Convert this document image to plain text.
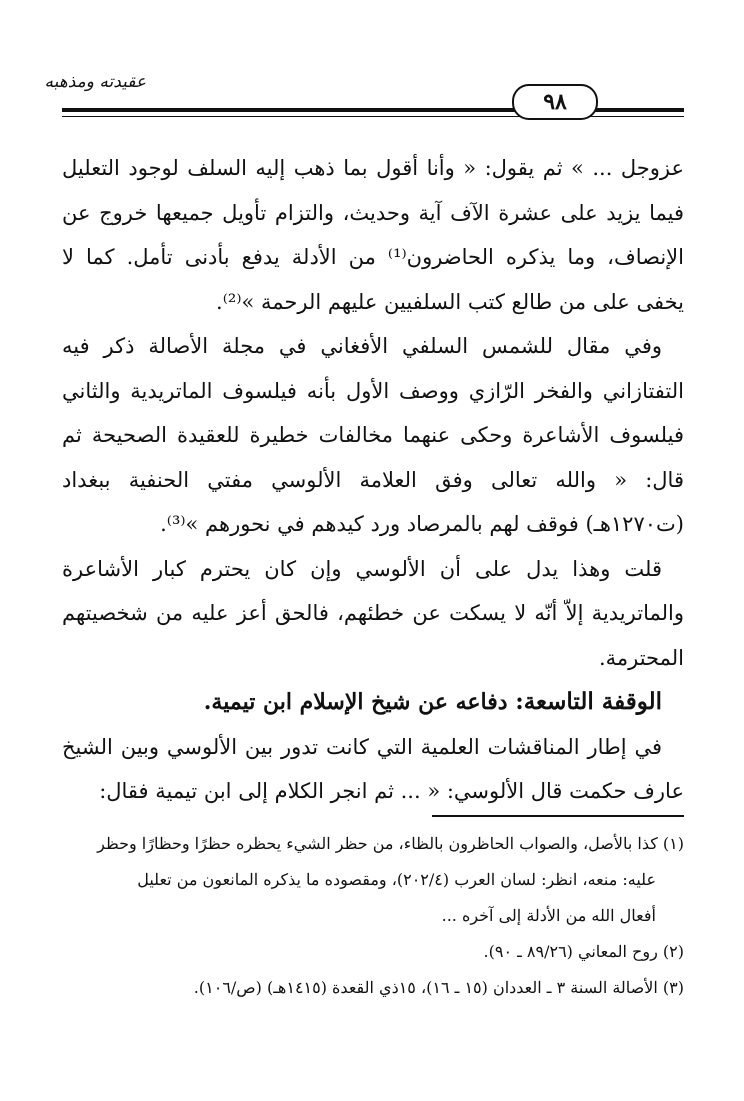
عقيدته ومذهبه
٩٨

عزوجل ... » ثم يقول: « وأنا أقول بما ذهب إليه السلف لوجود التعليل فيما يزيد على عشرة الآف آية وحديث، والتزام تأويل جميعها خروج عن الإنصاف، وما يذكره الحاضرون⁽¹⁾ من الأدلة يدفع بأدنى تأمل. كما لا يخفى على من طالع كتب السلفيين عليهم الرحمة »⁽²⁾.

وفي مقال للشمس السلفي الأفغاني في مجلة الأصالة ذكر فيه التفتازاني والفخر الرّازي ووصف الأول بأنه فيلسوف الماتريدية والثاني فيلسوف الأشاعرة وحكى عنهما مخالفات خطيرة للعقيدة الصحيحة ثم قال: « والله تعالى وفق العلامة الألوسي مفتي الحنفية ببغداد (ت١٢٧٠هـ) فوقف لهم بالمرصاد ورد كيدهم في نحورهم »⁽³⁾.

قلت وهذا يدل على أن الألوسي وإن كان يحترم كبار الأشاعرة والماتريدية إلاّ أنّه لا يسكت عن خطئهم، فالحق أعز عليه من شخصيتهم المحترمة.

الوقفة التاسعة: دفاعه عن شيخ الإسلام ابن تيمية.

في إطار المناقشات العلمية التي كانت تدور بين الألوسي وبين الشيخ عارف حكمت قال الألوسي: « ... ثم انجر الكلام إلى ابن تيمية فقال:

(١) كذا بالأصل، والصواب الحاظرون بالظاء، من حظر الشيء يحظره حظرًا وحظارًا وحظر

عليه: منعه، انظر: لسان العرب (٢٠٢/٤)، ومقصوده ما يذكره المانعون من تعليل

أفعال الله من الأدلة إلى آخره ...

(٢) روح المعاني (٨٩/٢٦ ـ ٩٠).

(٣) الأصالة السنة ٣ ـ العددان (١٥ ـ ١٦)، ١٥ذي القعدة (١٤١٥هـ) (ص/١٠٦).
